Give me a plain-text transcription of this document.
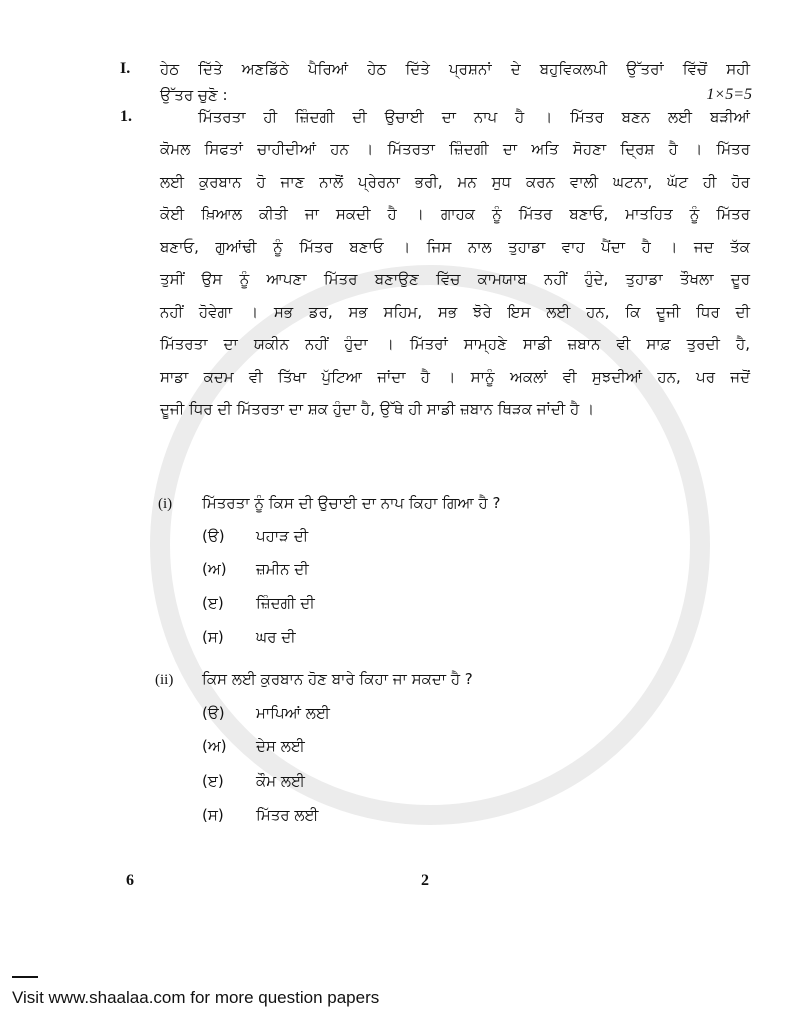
I. ਹੇਠ ਦਿੱਤੇ ਅਣਡਿੱਠੇ ਪੈਰਿਆਂ ਹੇਠ ਦਿੱਤੇ ਪ੍ਰਸ਼ਨਾਂ ਦੇ ਬਹੁਵਿਕਲਪੀ ਉੱਤਰਾਂ ਵਿੱਚੋਂ ਸਹੀ
ਉੱਤਰ ਚੁਣੋ :	1×5=5
1.	ਮਿੱਤਰਤਾ ਹੀ ਜ਼ਿੰਦਗੀ ਦੀ ਉਚਾਈ ਦਾ ਨਾਪ ਹੈ । ਮਿੱਤਰ ਬਣਨ ਲਈ ਬੜੀਆਂ
ਕੋਮਲ ਸਿਫਤਾਂ ਚਾਹੀਦੀਆਂ ਹਨ । ਮਿੱਤਰਤਾ ਜ਼ਿੰਦਗੀ ਦਾ ਅਤਿ ਸੋਹਣਾ ਦ੍ਰਿਸ਼ ਹੈ । ਮਿੱਤਰ
ਲਈ ਕੁਰਬਾਨ ਹੋ ਜਾਣ ਨਾਲੋਂ ਪ੍ਰੇਰਨਾ ਭਰੀ, ਮਨ ਸੁਧ ਕਰਨ ਵਾਲੀ ਘਟਨਾ, ਘੱਟ ਹੀ ਹੋਰ
ਕੋਈ ਖ਼ਿਆਲ ਕੀਤੀ ਜਾ ਸਕਦੀ ਹੈ । ਗਾਹਕ ਨੂੰ ਮਿੱਤਰ ਬਣਾਓ, ਮਾਤਹਿਤ ਨੂੰ ਮਿੱਤਰ
ਬਣਾਓ, ਗੁਆਂਢੀ ਨੂੰ ਮਿੱਤਰ ਬਣਾਓ । ਜਿਸ ਨਾਲ ਤੁਹਾਡਾ ਵਾਹ ਪੈਂਦਾ ਹੈ । ਜਦ ਤੱਕ
ਤੁਸੀਂ ਉਸ ਨੂੰ ਆਪਣਾ ਮਿੱਤਰ ਬਣਾਉਣ ਵਿੱਚ ਕਾਮਯਾਬ ਨਹੀਂ ਹੁੰਦੇ, ਤੁਹਾਡਾ ਤੌਖਲਾ ਦੂਰ
ਨਹੀਂ ਹੋਵੇਗਾ । ਸਭ ਡਰ, ਸਭ ਸਹਿਮ, ਸਭ ਝੋਰੇ ਇਸ ਲਈ ਹਨ, ਕਿ ਦੂਜੀ ਧਿਰ ਦੀ
ਮਿੱਤਰਤਾ ਦਾ ਯਕੀਨ ਨਹੀਂ ਹੁੰਦਾ । ਮਿੱਤਰਾਂ ਸਾਮ੍ਹਣੇ ਸਾਡੀ ਜ਼ਬਾਨ ਵੀ ਸਾਫ਼ ਤੁਰਦੀ ਹੈ,
ਸਾਡਾ ਕਦਮ ਵੀ ਤਿੱਖਾ ਪੁੱਟਿਆ ਜਾਂਦਾ ਹੈ । ਸਾਨੂੰ ਅਕਲਾਂ ਵੀ ਸੁਝਦੀਆਂ ਹਨ, ਪਰ ਜਦੋਂ
ਦੂਜੀ ਧਿਰ ਦੀ ਮਿੱਤਰਤਾ ਦਾ ਸ਼ਕ ਹੁੰਦਾ ਹੈ, ਉੱਥੇ ਹੀ ਸਾਡੀ ਜ਼ਬਾਨ ਥਿੜਕ ਜਾਂਦੀ ਹੈ ।
(i) ਮਿੱਤਰਤਾ ਨੂੰ ਕਿਸ ਦੀ ਉਚਾਈ ਦਾ ਨਾਪ ਕਿਹਾ ਗਿਆ ਹੈ ?
(ੳ) ਪਹਾੜ ਦੀ
(ਅ) ਜ਼ਮੀਨ ਦੀ
(ੲ) ਜ਼ਿੰਦਗੀ ਦੀ
(ਸ) ਘਰ ਦੀ
(ii) ਕਿਸ ਲਈ ਕੁਰਬਾਨ ਹੋਣ ਬਾਰੇ ਕਿਹਾ ਜਾ ਸਕਦਾ ਹੈ ?
(ੳ) ਮਾਪਿਆਂ ਲਈ
(ਅ) ਦੇਸ ਲਈ
(ੲ) ਕੌਮ ਲਈ
(ਸ) ਮਿੱਤਰ ਲਈ
6	2
Visit www.shaalaa.com for more question papers
